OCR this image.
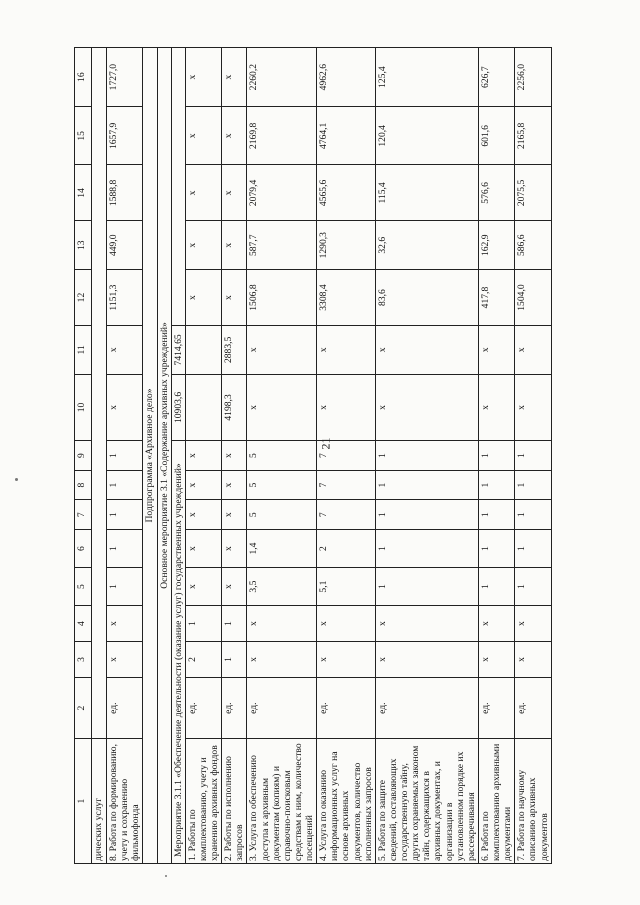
21
1	2	3	4	5	6	7	8	9	10	11	12	13	14	15	16
дических услуг															
8. Работа по формированию, учету и сохранению фильмофонда	ед.	х	х	1	1	1	1	1	х	х	1151,3	449,0	1588,8	1657,9	1727,0
Подпрограмма «Архивное дело»															
Основное мероприятие 3.1 «Содержание архивных учреждений»															
Мероприятие 3.1.1 «Обеспечение деятельности (оказание услуг) государственных учреждений»									10903,6	7414,65					
1. Работы по комплектованию, учету и хранению архивных фондов	ед.	2	1	х	х	х	х	х			х	х	х	х	х
2. Работы по исполнению запросов	ед.	1	1	х	х	х	х	х	4198,3	2883,5	х	х	х	х	х
3. Услуга по обеспечению доступа к архивным документам (копиям) и справочно-поисковым средствам к ним, количество посещений	ед.	х	х	3,5	1,4	5	5	5	х	х	1506,8	587,7	2079,4	2169,8	2260,2
4. Услуга по оказанию информационных услуг на основе архивных документов, количество исполненных запросов	ед.	х	х	5,1	2	7	7	7	х	х	3308,4	1290,3	4565,6	4764,1	4962,6
5. Работа по защите сведений, составляющих государственную тайну, других охраняемых законом тайн, содержащихся в архивных документах, и организации в установленном порядке их рассекречивания	ед.	х	х	1	1	1	1	1	х	х	83,6	32,6	115,4	120,4	125,4
6. Работа по комплектованию архивными документами	ед.	х	х	1	1	1	1	1	х	х	417,8	162,9	576,6	601,6	626,7
7. Работа по научному описанию архивных документов	ед.	х	х	1	1	1	1	1	х	х	1504,0	586,6	2075,5	2165,8	2256,0
